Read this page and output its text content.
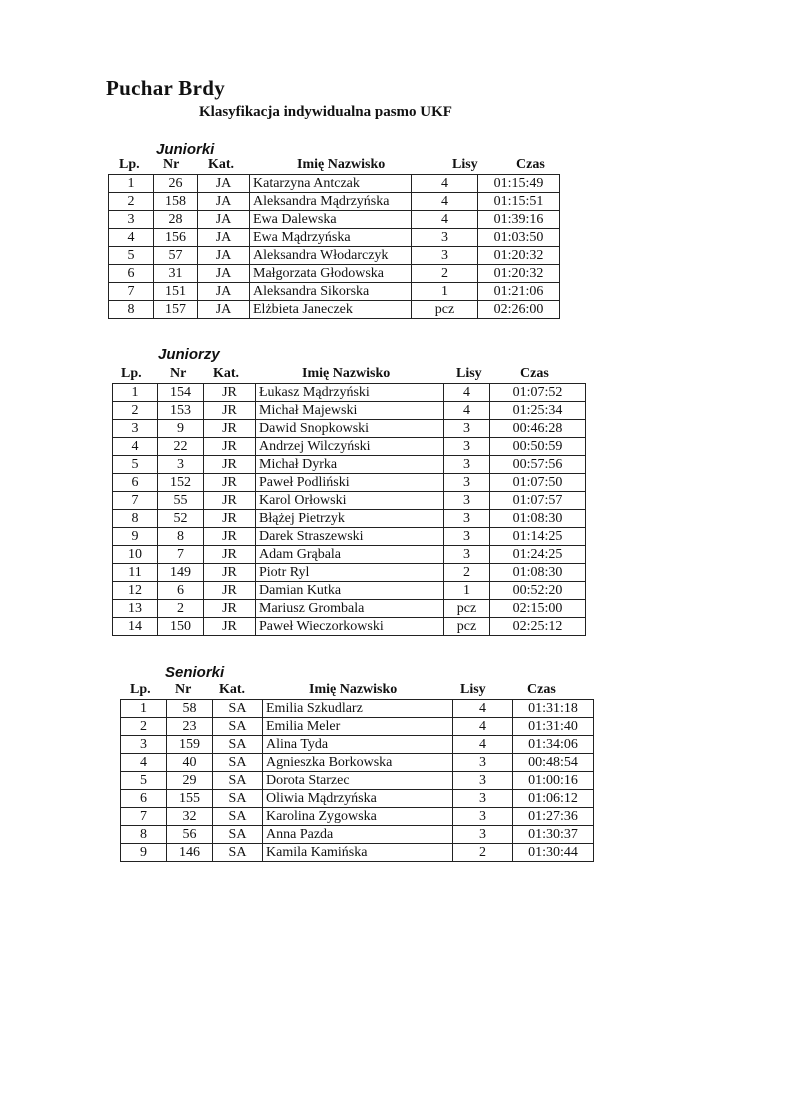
Puchar Brdy
Klasyfikacja indywidualna pasmo UKF
Juniorki
Lp. Nr Kat.	Imię Nazwisko	Lisy	Czas
1	26	JA	Katarzyna Antczak	4	01:15:49
2	158	JA	Aleksandra Mądrzyńska	4	01:15:51
3	28	JA	Ewa Dalewska	4	01:39:16
4	156	JA	Ewa Mądrzyńska	3	01:03:50
5	57	JA	Aleksandra Włodarczyk	3	01:20:32
6	31	JA	Małgorzata Głodowska	2	01:20:32
7	151	JA	Aleksandra Sikorska	1	01:21:06
8	157	JA	Elżbieta Janeczek	pcz	02:26:00
Juniorzy
Lp. Nr Kat.	Imię Nazwisko	Lisy	Czas
1	154	JR	Łukasz Mądrzyński	4	01:07:52
2	153	JR	Michał Majewski	4	01:25:34
3	9	JR	Dawid Snopkowski	3	00:46:28
4	22	JR	Andrzej Wilczyński	3	00:50:59
5	3	JR	Michał Dyrka	3	00:57:56
6	152	JR	Paweł Podliński	3	01:07:50
7	55	JR	Karol Orłowski	3	01:07:57
8	52	JR	Błążej Pietrzyk	3	01:08:30
9	8	JR	Darek Straszewski	3	01:14:25
10	7	JR	Adam Grąbala	3	01:24:25
11	149	JR	Piotr Ryl	2	01:08:30
12	6	JR	Damian Kutka	1	00:52:20
13	2	JR	Mariusz Grombala	pcz	02:15:00
14	150	JR	Paweł Wieczorkowski	pcz	02:25:12
Seniorki
Lp. Nr Kat.	Imię Nazwisko	Lisy	Czas
1	58	SA	Emilia Szkudlarz	4	01:31:18
2	23	SA	Emilia Meler	4	01:31:40
3	159	SA	Alina Tyda	4	01:34:06
4	40	SA	Agnieszka Borkowska	3	00:48:54
5	29	SA	Dorota Starzec	3	01:00:16
6	155	SA	Oliwia Mądrzyńska	3	01:06:12
7	32	SA	Karolina Zygowska	3	01:27:36
8	56	SA	Anna Pazda	3	01:30:37
9	146	SA	Kamila Kamińska	2	01:30:44
